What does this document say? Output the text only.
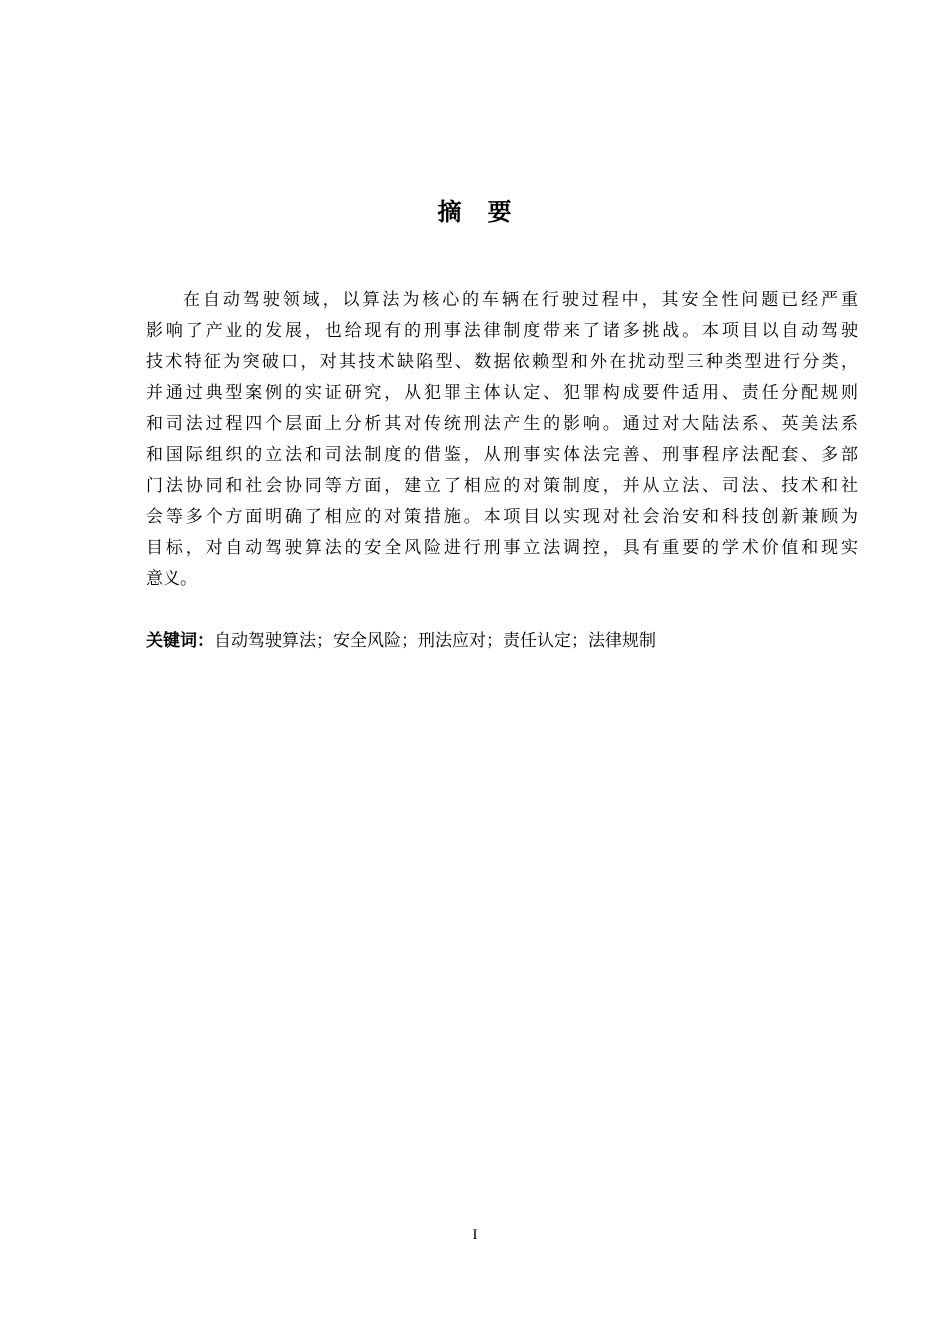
摘　要
在自动驾驶领域，以算法为核心的车辆在行驶过程中，其安全性问题已经严重
影响了产业的发展，也给现有的刑事法律制度带来了诸多挑战。本项目以自动驾驶
技术特征为突破口，对其技术缺陷型、数据依赖型和外在扰动型三种类型进行分类，
并通过典型案例的实证研究，从犯罪主体认定、犯罪构成要件适用、责任分配规则
和司法过程四个层面上分析其对传统刑法产生的影响。通过对大陆法系、英美法系
和国际组织的立法和司法制度的借鉴，从刑事实体法完善、刑事程序法配套、多部
门法协同和社会协同等方面，建立了相应的对策制度，并从立法、司法、技术和社
会等多个方面明确了相应的对策措施。本项目以实现对社会治安和科技创新兼顾为
目标，对自动驾驶算法的安全风险进行刑事立法调控，具有重要的学术价值和现实
意义。
关键词：自动驾驶算法；安全风险；刑法应对；责任认定；法律规制
I
